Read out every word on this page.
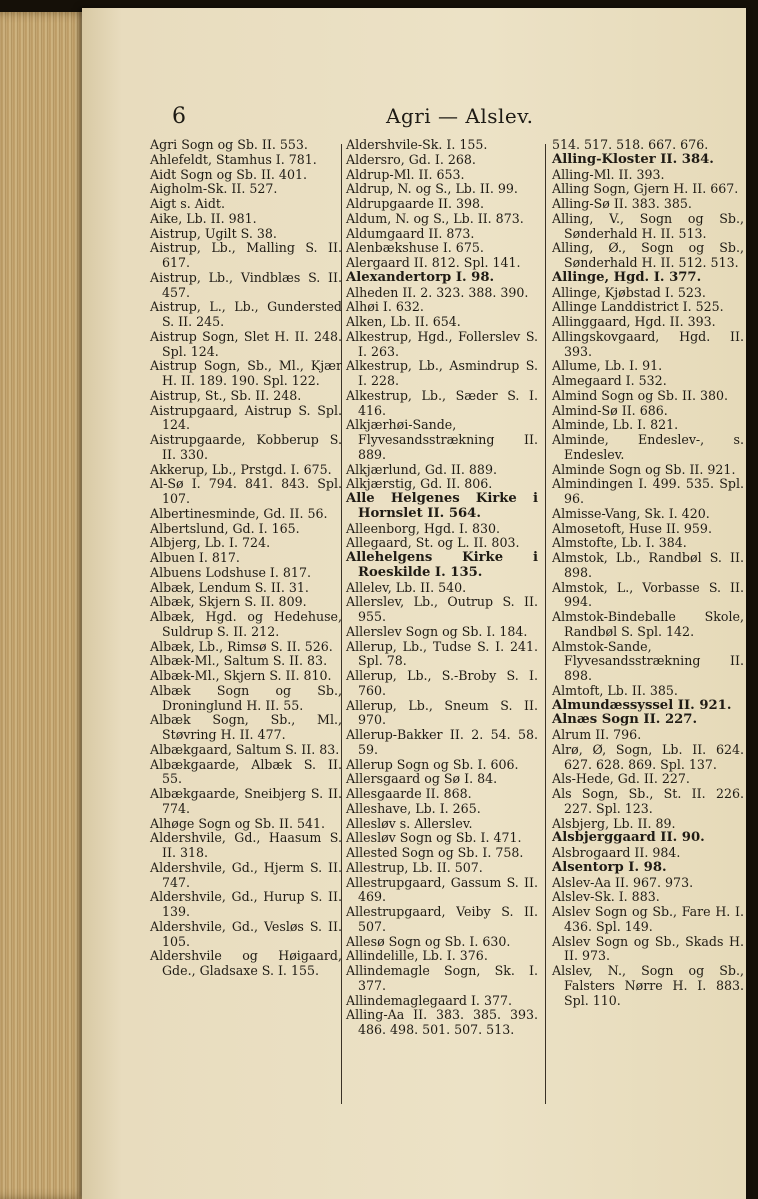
6	Agri — Alslev.
Agri Sogn og Sb. II. 553.
Ahlefeldt, Stamhus I. 781.
Aidt Sogn og Sb. II. 401.
Aigholm-Sk. II. 527.
Aigt s. Aidt.
Aike, Lb. II. 981.
Aistrup, Ugilt S. 38.
Aistrup, Lb., Malling S. II. 617.
Aistrup, Lb., Vindblæs S. II. 457.
Aistrup, L., Lb., Gundersted S. II. 245.
Aistrup Sogn, Slet H. II. 248. Spl. 124.
Aistrup Sogn, Sb., Ml., Kjær H. II. 189. 190. Spl. 122.
Aistrup, St., Sb. II. 248.
Aistrupgaard, Aistrup S. Spl. 124.
Aistrupgaarde, Kobberup S. II. 330.
Akkerup, Lb., Prstgd. I. 675.
Al-Sø I. 794. 841. 843. Spl. 107.
Albertinesminde, Gd. II. 56.
Albertslund, Gd. I. 165.
Albjerg, Lb. I. 724.
Albuen I. 817.
Albuens Lodshuse I. 817.
Albæk, Lendum S. II. 31.
Albæk, Skjern S. II. 809.
Albæk, Hgd. og Hedehuse, Suldrup S. II. 212.
Albæk, Lb., Rimsø S. II. 526.
Albæk-Ml., Saltum S. II. 83.
Albæk-Ml., Skjern S. II. 810.
Albæk Sogn og Sb., Droninglund H. II. 55.
Albæk Sogn, Sb., Ml., Støvring H. II. 477.
Albækgaard, Saltum S. II. 83.
Albækgaarde, Albæk S. II. 55.
Albækgaarde, Sneibjerg S. II. 774.
Alhøge Sogn og Sb. II. 541.
Aldershvile, Gd., Haasum S. II. 318.
Aldershvile, Gd., Hjerm S. II. 747.
Aldershvile, Gd., Hurup S. II. 139.
Aldershvile, Gd., Vesløs S. II. 105.
Aldershvile og Høigaard, Gde., Gladsaxe S. I. 155.
Aldershvile-Sk. I. 155.
Aldersro, Gd. I. 268.
Aldrup-Ml. II. 653.
Aldrup, N. og S., Lb. II. 99.
Aldrupgaarde II. 398.
Aldum, N. og S., Lb. II. 873.
Aldumgaard II. 873.
Alenbækshuse I. 675.
Alergaard II. 812. Spl. 141.
Alexandertorp I. 98.
Alheden II. 2. 323. 388. 390.
Alhøi I. 632.
Alken, Lb. II. 654.
Alkestrup, Hgd., Follerslev S. I. 263.
Alkestrup, Lb., Asmindrup S. I. 228.
Alkestrup, Lb., Sæder S. I. 416.
Alkjærhøi-Sande, Flyvesandsstrækning II. 889.
Alkjærlund, Gd. II. 889.
Alkjærstig, Gd. II. 806.
Alle Helgenes Kirke i Hornslet II. 564.
Alleenborg, Hgd. I. 830.
Allegaard, St. og L. II. 803.
Allehelgens Kirke i Roeskilde I. 135.
Allelev, Lb. II. 540.
Allerslev, Lb., Outrup S. II. 955.
Allerslev Sogn og Sb. I. 184.
Allerup, Lb., Tudse S. I. 241. Spl. 78.
Allerup, Lb., S.-Broby S. I. 760.
Allerup, Lb., Sneum S. II. 970.
Allerup-Bakker II. 2. 54. 58. 59.
Allerup Sogn og Sb. I. 606.
Allersgaard og Sø I. 84.
Allesgaarde II. 868.
Alleshave, Lb. I. 265.
Allesløv s. Allerslev.
Allesløv Sogn og Sb. I. 471.
Allested Sogn og Sb. I. 758.
Allestrup, Lb. II. 507.
Allestrupgaard, Gassum S. II. 469.
Allestrupgaard, Veiby S. II. 507.
Allesø Sogn og Sb. I. 630.
Allindelille, Lb. I. 376.
Allindemagle Sogn, Sk. I. 377.
Allindemaglegaard I. 377.
Alling-Aa II. 383. 385. 393. 486. 498. 501. 507. 513.
514. 517. 518. 667. 676.
Alling-Kloster II. 384.
Alling-Ml. II. 393.
Alling Sogn, Gjern H. II. 667.
Alling-Sø II. 383. 385.
Alling, V., Sogn og Sb., Sønderhald H. II. 513.
Alling, Ø., Sogn og Sb., Sønderhald H. II. 512. 513.
Allinge, Hgd. I. 377.
Allinge, Kjøbstad I. 523.
Allinge Landdistrict I. 525.
Allinggaard, Hgd. II. 393.
Allingskovgaard, Hgd. II. 393.
Allume, Lb. I. 91.
Almegaard I. 532.
Almind Sogn og Sb. II. 380.
Almind-Sø II. 686.
Alminde, Lb. I. 821.
Alminde, Endeslev-, s. Endeslev.
Alminde Sogn og Sb. II. 921.
Almindingen I. 499. 535. Spl. 96.
Almisse-Vang, Sk. I. 420.
Almosetoft, Huse II. 959.
Almstofte, Lb. I. 384.
Almstok, Lb., Randbøl S. II. 898.
Almstok, L., Vorbasse S. II. 994.
Almstok-Bindeballe Skole, Randbøl S. Spl. 142.
Almstok-Sande, Flyvesandsstrækning II. 898.
Almtoft, Lb. II. 385.
Almundæssyssel II. 921.
Alnæs Sogn II. 227.
Alrum II. 796.
Alrø, Ø, Sogn, Lb. II. 624. 627. 628. 869. Spl. 137.
Als-Hede, Gd. II. 227.
Als Sogn, Sb., St. II. 226. 227. Spl. 123.
Alsbjerg, Lb. II. 89.
Alsbjerggaard II. 90.
Alsbrogaard II. 984.
Alsentorp I. 98.
Alslev-Aa II. 967. 973.
Alslev-Sk. I. 883.
Alslev Sogn og Sb., Fare H. I. 436. Spl. 149.
Alslev Sogn og Sb., Skads H. II. 973.
Alslev, N., Sogn og Sb., Falsters Nørre H. I. 883. Spl. 110.
